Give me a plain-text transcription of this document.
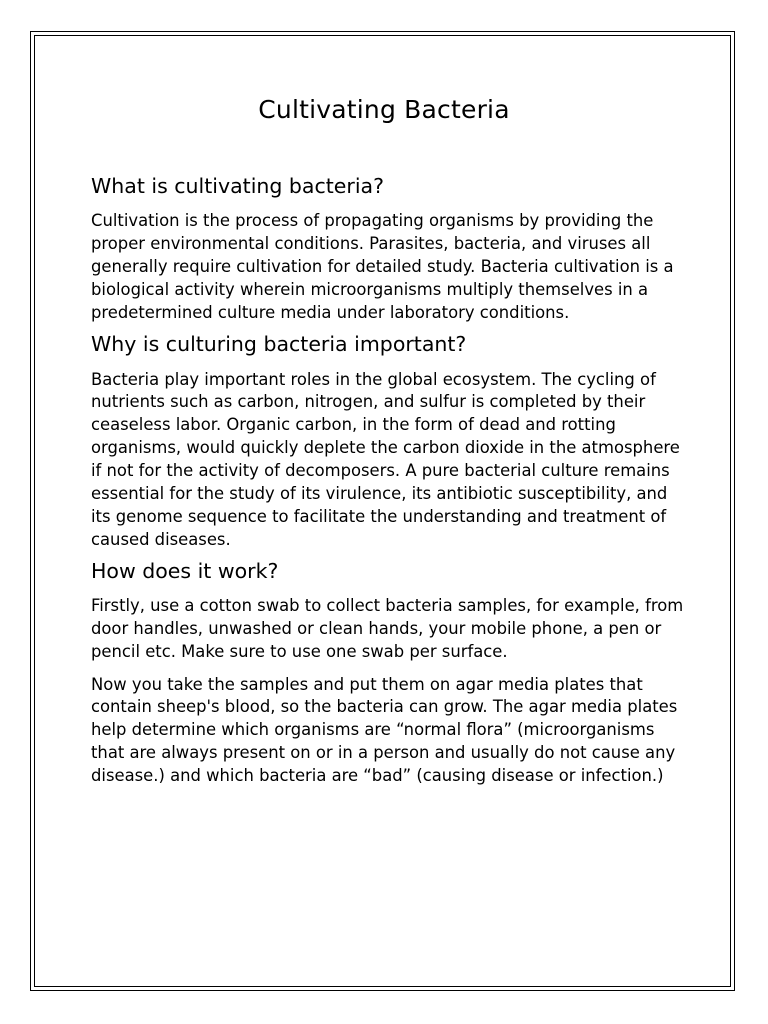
Cultivating Bacteria
What is cultivating bacteria?

Cultivation is the process of propagating organisms by providing the proper environmental conditions. Parasites, bacteria, and viruses all generally require cultivation for detailed study. Bacteria cultivation is a biological activity wherein microorganisms multiply themselves in a predetermined culture media under laboratory conditions.

Why is culturing bacteria important?

Bacteria play important roles in the global ecosystem. The cycling of nutrients such as carbon, nitrogen, and sulfur is completed by their ceaseless labor. Organic carbon, in the form of dead and rotting organisms, would quickly deplete the carbon dioxide in the atmosphere if not for the activity of decomposers. A pure bacterial culture remains essential for the study of its virulence, its antibiotic susceptibility, and its genome sequence to facilitate the understanding and treatment of caused diseases.

How does it work?

Firstly, use a cotton swab to collect bacteria samples, for example, from door handles, unwashed or clean hands, your mobile phone, a pen or pencil etc. Make sure to use one swab per surface.

Now you take the samples and put them on agar media plates that contain sheep's blood, so the bacteria can grow. The agar media plates help determine which organisms are “normal flora” (microorganisms that are always present on or in a person and usually do not cause any disease.) and which bacteria are “bad” (causing disease or infection.)
